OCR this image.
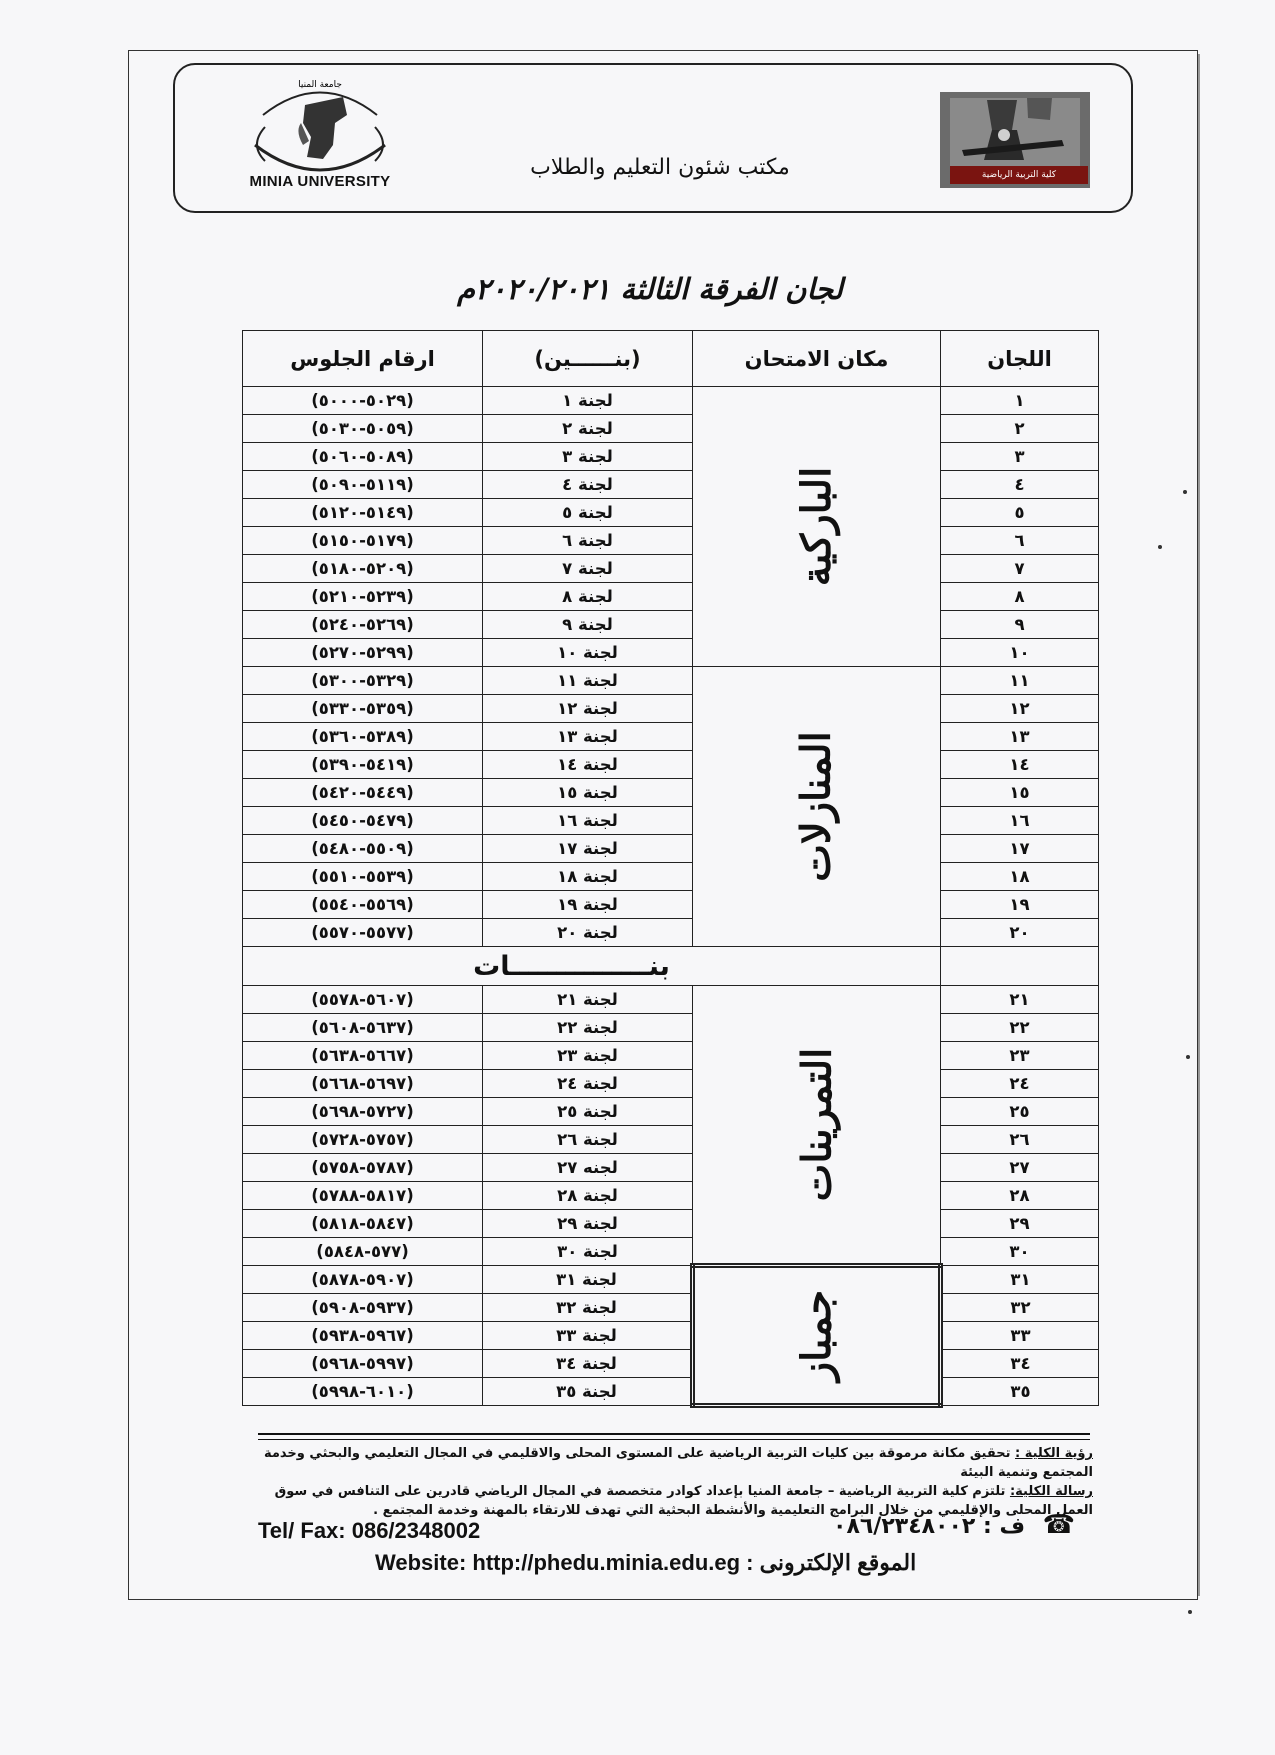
جامعة المنيا
MINIA UNIVERSITY
مكتب شئون التعليم والطلاب	كلية التربية الرياضية
لجان الفرقة الثالثة ٢٠٢٠/٢٠٢١م
اللجان	مكان الامتحان	(بنــــــين)	ارقام الجلوس
١	الباركية	لجنة ١	(٥٠٢٩-٥٠٠٠)
٢		لجنة ٢	(٥٠٥٩-٥٠٣٠)
٣		لجنة ٣	(٥٠٨٩-٥٠٦٠)
٤		لجنة ٤	(٥١١٩-٥٠٩٠)
٥		لجنة ٥	(٥١٤٩-٥١٢٠)
٦		لجنة ٦	(٥١٧٩-٥١٥٠)
٧		لجنة ٧	(٥٢٠٩-٥١٨٠)
٨		لجنة ٨	(٥٢٣٩-٥٢١٠)
٩		لجنة ٩	(٥٢٦٩-٥٢٤٠)
١٠		لجنة ١٠	(٥٢٩٩-٥٢٧٠)
١١	المنازلات	لجنة ١١	(٥٣٢٩-٥٣٠٠)
١٢		لجنة ١٢	(٥٣٥٩-٥٣٣٠)
١٣		لجنة ١٣	(٥٣٨٩-٥٣٦٠)
١٤		لجنة ١٤	(٥٤١٩-٥٣٩٠)
١٥		لجنة ١٥	(٥٤٤٩-٥٤٢٠)
١٦		لجنة ١٦	(٥٤٧٩-٥٤٥٠)
١٧		لجنة ١٧	(٥٥٠٩-٥٤٨٠)
١٨		لجنة ١٨	(٥٥٣٩-٥٥١٠)
١٩		لجنة ١٩	(٥٥٦٩-٥٥٤٠)
٢٠		لجنة ٢٠	(٥٥٧٧-٥٥٧٠)
	بنـــــــــــــــات		
٢١	التمرينات	لجنة ٢١	(٥٦٠٧-٥٥٧٨)
٢٢		لجنة ٢٢	(٥٦٣٧-٥٦٠٨)
٢٣		لجنة ٢٣	(٥٦٦٧-٥٦٣٨)
٢٤		لجنة ٢٤	(٥٦٩٧-٥٦٦٨)
٢٥		لجنة ٢٥	(٥٧٢٧-٥٦٩٨)
٢٦		لجنة ٢٦	(٥٧٥٧-٥٧٢٨)
٢٧		لجنه ٢٧	(٥٧٨٧-٥٧٥٨)
٢٨		لجنة ٢٨	(٥٨١٧-٥٧٨٨)
٢٩		لجنة ٢٩	(٥٨٤٧-٥٨١٨)
٣٠		لجنة ٣٠	(٥٧٧-٥٨٤٨)
٣١	جمباز	لجنة ٣١	(٥٩٠٧-٥٨٧٨)
٣٢		لجنة ٣٢	(٥٩٣٧-٥٩٠٨)
٣٣		لجنة ٣٣	(٥٩٦٧-٥٩٣٨)
٣٤		لجنة ٣٤	(٥٩٩٧-٥٩٦٨)
٣٥		لجنة ٣٥	(٦٠١٠-٥٩٩٨)
رؤية الكلية : تحقيق مكانة مرموقة بين كليات التربية الرياضية على المستوى المحلى والاقليمي في المجال التعليمي والبحثي وخدمة المجتمع وتنمية البيئة
رسالة الكلية: تلتزم كلية التربية الرياضية – جامعة المنيا بإعداد كوادر متخصصة في المجال الرياضي قادرين على التنافس في سوق العمل المحلى والإقليمي من خلال البرامج التعليمية والأنشطة البحثية التي تهدف للارتقاء بالمهنة وخدمة المجتمع .
Tel/ Fax: 086/2348002	☎
ف : ٠٨٦/٢٣٤٨٠٠٢
Website: http://phedu.minia.edu.eg : الموقع الإلكترونى
